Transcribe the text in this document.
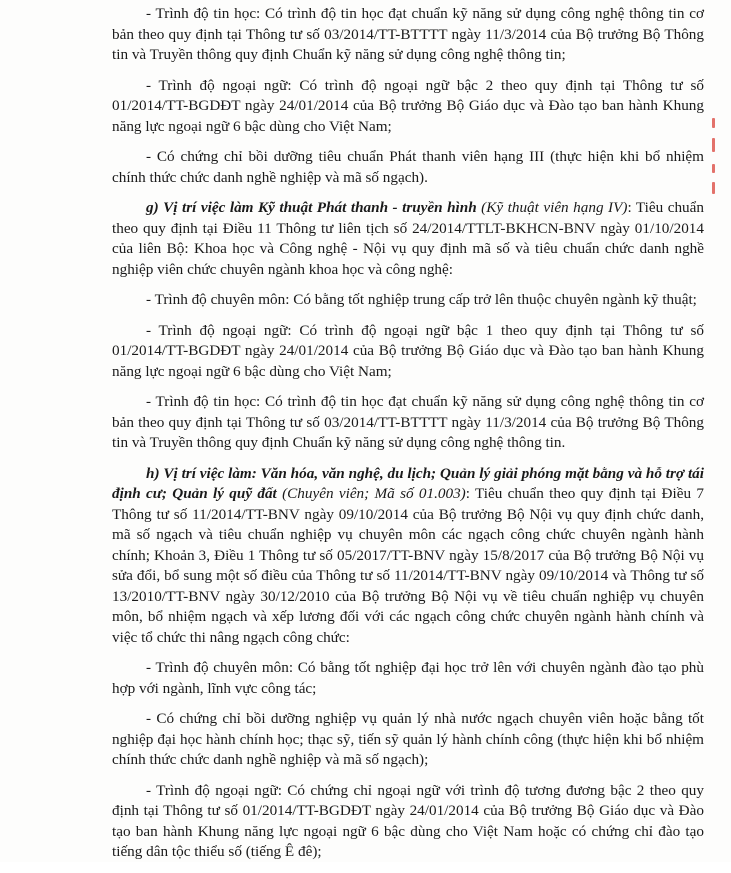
- Trình độ tin học: Có trình độ tin học đạt chuẩn kỹ năng sử dụng công nghệ thông tin cơ bản theo quy định tại Thông tư số 03/2014/TT-BTTTT ngày 11/3/2014 của Bộ trưởng Bộ Thông tin và Truyền thông quy định Chuẩn kỹ năng sử dụng công nghệ thông tin;

- Trình độ ngoại ngữ: Có trình độ ngoại ngữ bậc 2 theo quy định tại Thông tư số 01/2014/TT-BGDĐT ngày 24/01/2014 của Bộ trưởng Bộ Giáo dục và Đào tạo ban hành Khung năng lực ngoại ngữ 6 bậc dùng cho Việt Nam;

- Có chứng chỉ bồi dưỡng tiêu chuẩn Phát thanh viên hạng III (thực hiện khi bổ nhiệm chính thức chức danh nghề nghiệp và mã số ngạch).

g) Vị trí việc làm Kỹ thuật Phát thanh - truyền hình (Kỹ thuật viên hạng IV): Tiêu chuẩn theo quy định tại Điều 11 Thông tư liên tịch số 24/2014/TTLT-BKHCN-BNV ngày 01/10/2014 của liên Bộ: Khoa học và Công nghệ - Nội vụ quy định mã số và tiêu chuẩn chức danh nghề nghiệp viên chức chuyên ngành khoa học và công nghệ:

- Trình độ chuyên môn: Có bằng tốt nghiệp trung cấp trở lên thuộc chuyên ngành kỹ thuật;

- Trình độ ngoại ngữ: Có trình độ ngoại ngữ bậc 1 theo quy định tại Thông tư số 01/2014/TT-BGDĐT ngày 24/01/2014 của Bộ trưởng Bộ Giáo dục và Đào tạo ban hành Khung năng lực ngoại ngữ 6 bậc dùng cho Việt Nam;

- Trình độ tin học: Có trình độ tin học đạt chuẩn kỹ năng sử dụng công nghệ thông tin cơ bản theo quy định tại Thông tư số 03/2014/TT-BTTTT ngày 11/3/2014 của Bộ trưởng Bộ Thông tin và Truyền thông quy định Chuẩn kỹ năng sử dụng công nghệ thông tin.

h) Vị trí việc làm: Văn hóa, văn nghệ, du lịch; Quản lý giải phóng mặt bằng và hỗ trợ tái định cư; Quản lý quỹ đất (Chuyên viên; Mã số 01.003): Tiêu chuẩn theo quy định tại Điều 7 Thông tư số 11/2014/TT-BNV ngày 09/10/2014 của Bộ trưởng Bộ Nội vụ quy định chức danh, mã số ngạch và tiêu chuẩn nghiệp vụ chuyên môn các ngạch công chức chuyên ngành hành chính; Khoản 3, Điều 1 Thông tư số 05/2017/TT-BNV ngày 15/8/2017 của Bộ trưởng Bộ Nội vụ sửa đổi, bổ sung một số điều của Thông tư số 11/2014/TT-BNV ngày 09/10/2014 và Thông tư số 13/2010/TT-BNV ngày 30/12/2010 của Bộ trưởng Bộ Nội vụ về tiêu chuẩn nghiệp vụ chuyên môn, bổ nhiệm ngạch và xếp lương đối với các ngạch công chức chuyên ngành hành chính và việc tổ chức thi nâng ngạch công chức:

- Trình độ chuyên môn: Có bằng tốt nghiệp đại học trở lên với chuyên ngành đào tạo phù hợp với ngành, lĩnh vực công tác;

- Có chứng chỉ bồi dưỡng nghiệp vụ quản lý nhà nước ngạch chuyên viên hoặc bằng tốt nghiệp đại học hành chính học; thạc sỹ, tiến sỹ quản lý hành chính công (thực hiện khi bổ nhiệm chính thức chức danh nghề nghiệp và mã số ngạch);

- Trình độ ngoại ngữ: Có chứng chỉ ngoại ngữ với trình độ tương đương bậc 2 theo quy định tại Thông tư số 01/2014/TT-BGDĐT ngày 24/01/2014 của Bộ trưởng Bộ Giáo dục và Đào tạo ban hành Khung năng lực ngoại ngữ 6 bậc dùng cho Việt Nam hoặc có chứng chỉ đào tạo tiếng dân tộc thiểu số (tiếng Ê đê);
